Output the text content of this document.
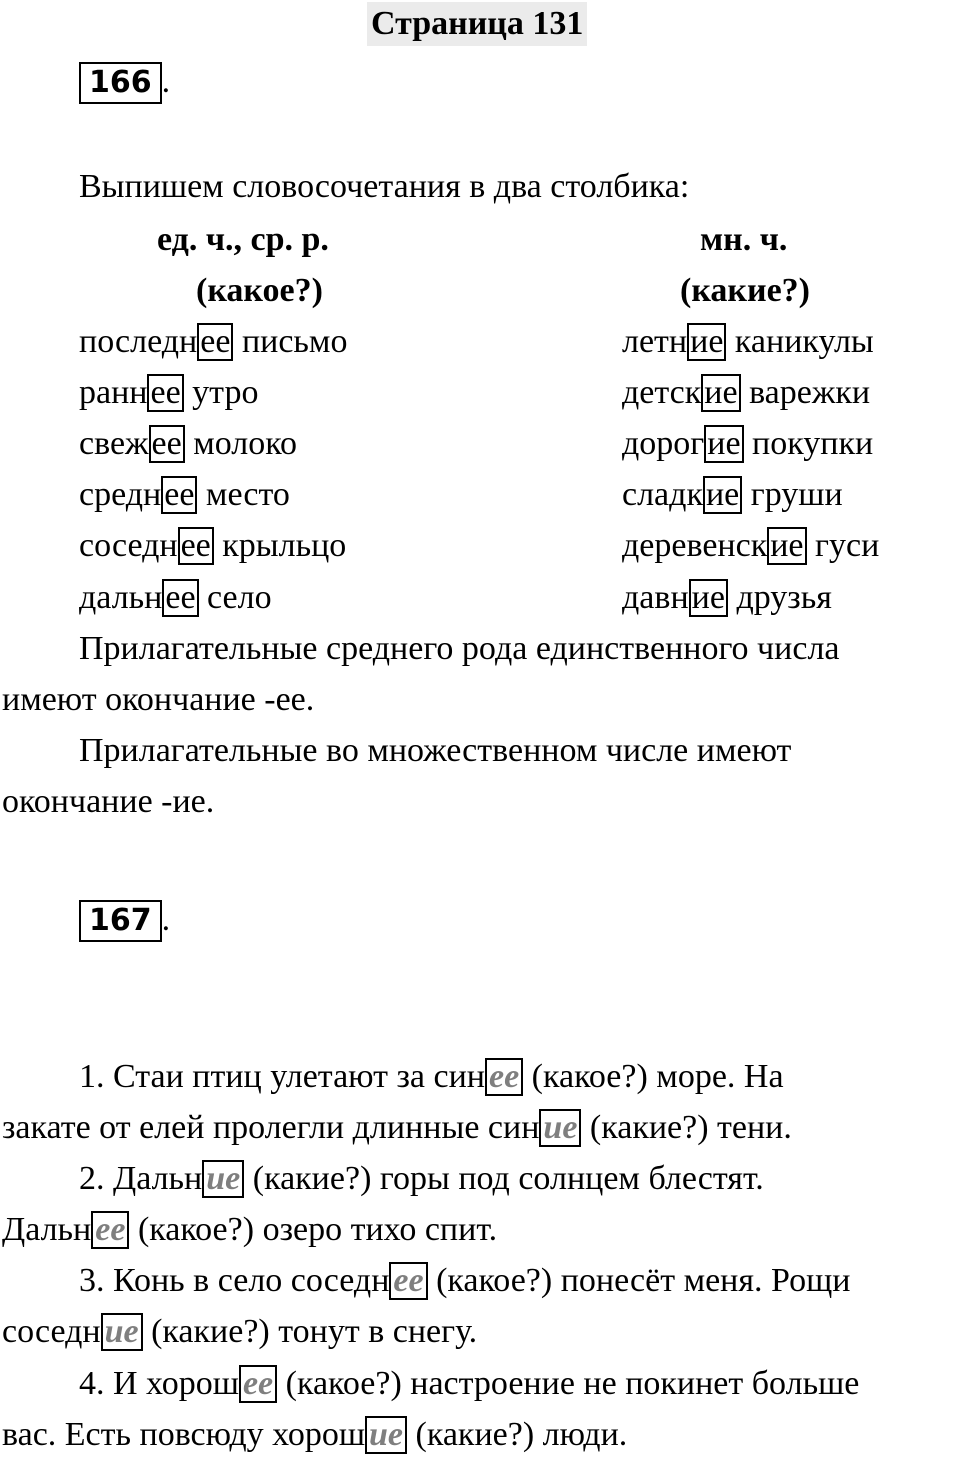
Страница 131
166 .
Выпишем словосочетания в два столбика:
ед. ч., ср. р.	мн. ч.
(какое?)	(какие?)
последнее письмо
раннее утро
свежее молоко
среднее место
соседнее крыльцо
дальнее село
летние каникулы
детские варежки
дорогие покупки
сладкие груши
деревенские гуси
давние друзья
Прилагательные среднего рода единственного числа
имеют окончание -ее.
Прилагательные во множественном числе имеют
окончание -ие.
167 .
1. Стаи птиц улетают за син ее (какое?) море. На
закате от елей пролегли длинные син ие (какие?) тени.
2. Дальн ие (какие?) горы под солнцем блестят.
Дальн ее (какое?) озеро тихо спит.
3. Конь в село соседн ее (какое?) понесёт меня. Рощи
соседн ие (какие?) тонут в снегу.
4. И хорош ее (какое?) настроение не покинет больше
вас. Есть повсюду хорош ие (какие?) люди.
